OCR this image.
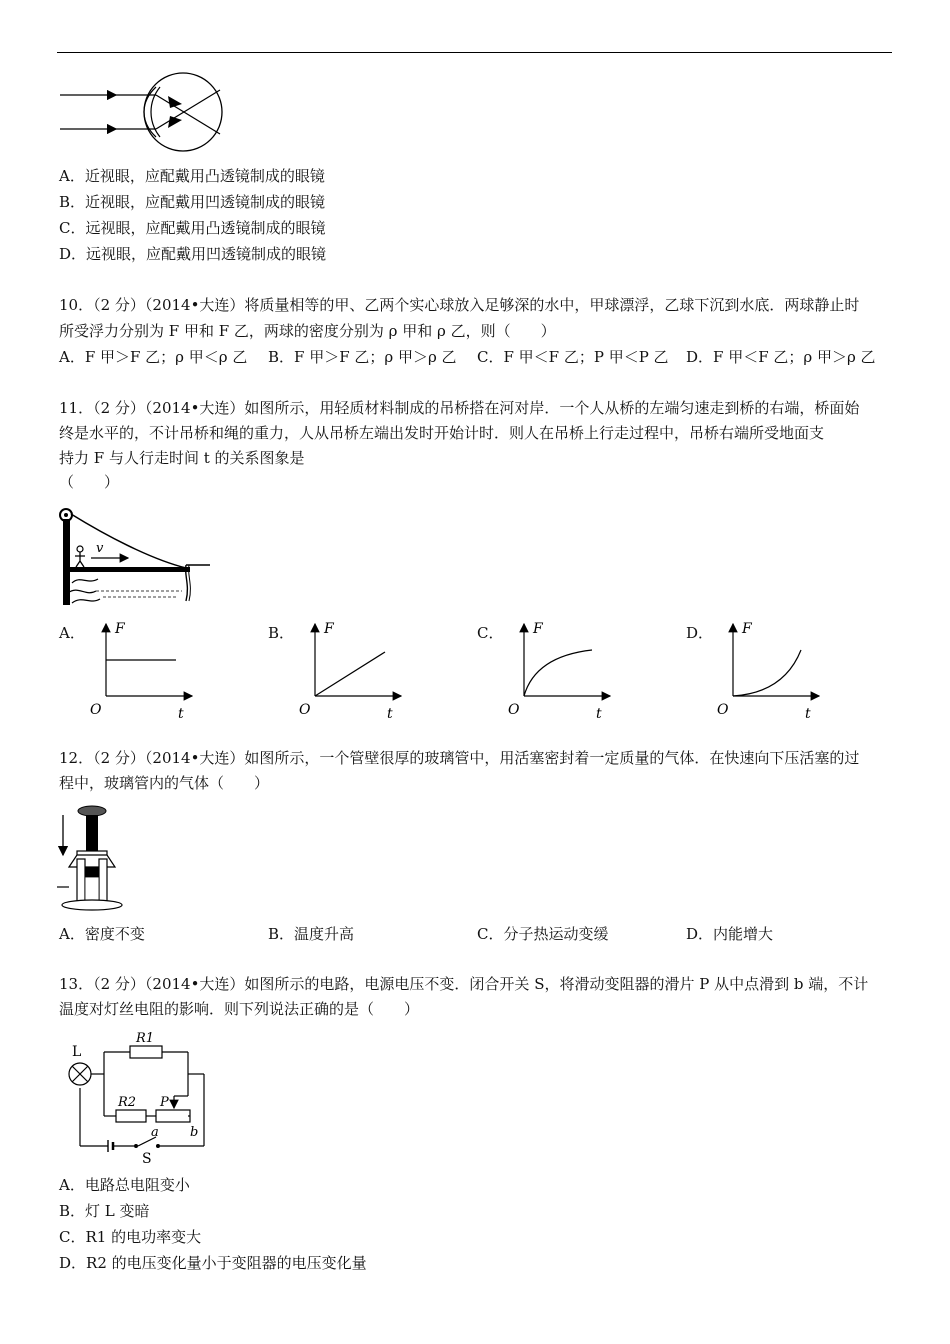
A．近视眼，应配戴用凸透镜制成的眼镜
B．近视眼，应配戴用凹透镜制成的眼镜
C．远视眼，应配戴用凸透镜制成的眼镜
D．远视眼，应配戴用凹透镜制成的眼镜
10．（2 分）（2014•大连）将质量相等的甲、乙两个实心球放入足够深的水中，甲球漂浮，乙球下沉到水底．两球静止时
所受浮力分别为 F 甲和 F 乙，两球的密度分别为 ρ 甲和 ρ 乙，则（　　）
A．F 甲＞F 乙；ρ 甲＜ρ 乙 B．F 甲＞F 乙；ρ 甲＞ρ 乙 C．F 甲＜F 乙；P 甲＜P 乙 D．F 甲＜F 乙；ρ 甲＞ρ 乙
11．（2 分）（2014•大连）如图所示，用轻质材料制成的吊桥搭在河对岸．一个人从桥的左端匀速走到桥的右端，桥面始
终是水平的，不计吊桥和绳的重力，人从吊桥左端出发时开始计时．则人在吊桥上行走过程中，吊桥右端所受地面支
持力 F 与人行走时间 t 的关系图象是
（　　）
v
A．	B．	C．	D．
F
t
O
F
t
O
F
t
O
F
t
O
12．（2 分）（2014•大连）如图所示，一个管壁很厚的玻璃管中，用活塞密封着一定质量的气体．在快速向下压活塞的过
程中，玻璃管内的气体（　　）
A．密度不变	B．温度升高	C．分子热运动变缓	D．内能增大
13．（2 分）（2014•大连）如图所示的电路，电源电压不变．闭合开关 S，将滑动变阻器的滑片 P 从中点滑到 b 端，不计
温度对灯丝电阻的影响．则下列说法正确的是（　　）
L
R1
R2 P
a b
S
A．电路总电阻变小
B．灯 L 变暗
C．R1 的电功率变大
D．R2 的电压变化量小于变阻器的电压变化量
